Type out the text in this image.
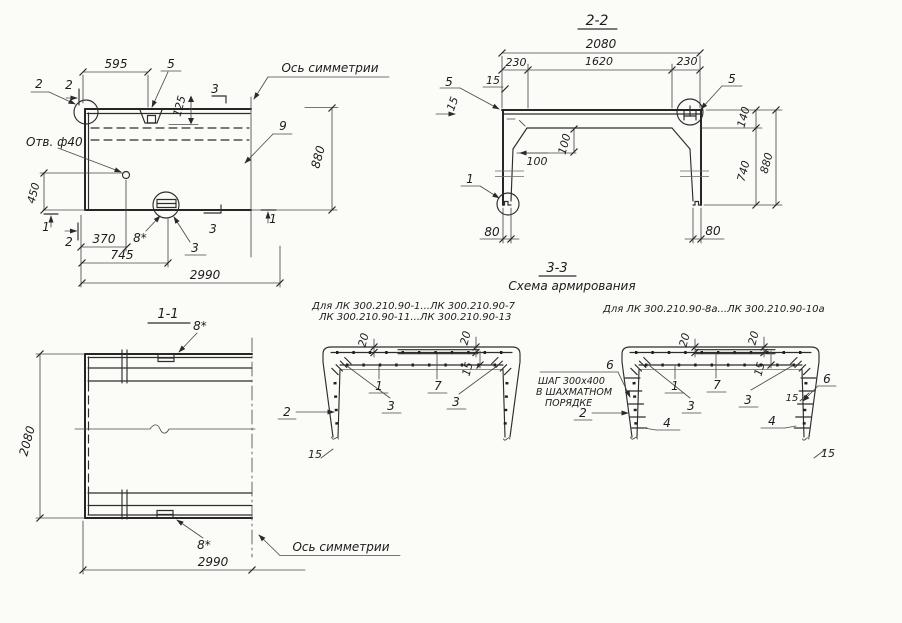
Ось симметрии
Отв. ф40
595	5
125
3
2 2
9
880
450
1
2 370 8*
3
3
1
745
2990
2-2
2080
230	1620	230
15
5
15
100
100
140
740 880
1
80	80
5
3-3
Схема армирования
Для ЛК 300.210.90-1...ЛК 300.210.90-7
ЛК 300.210.90-11...ЛК 300.210.90-13
Для ЛК 300.210.90-8а...ЛК 300.210.90-10а
20	20
15
1	7
3	3
2
15
20	20
15
1	7
3	3
6
ШАГ 300х400
В ШАХМАТНОМ
ПОРЯДКЕ
2
4	4
6
15
15
1-1
8*
8*
2080
2990
Ось симметрии
